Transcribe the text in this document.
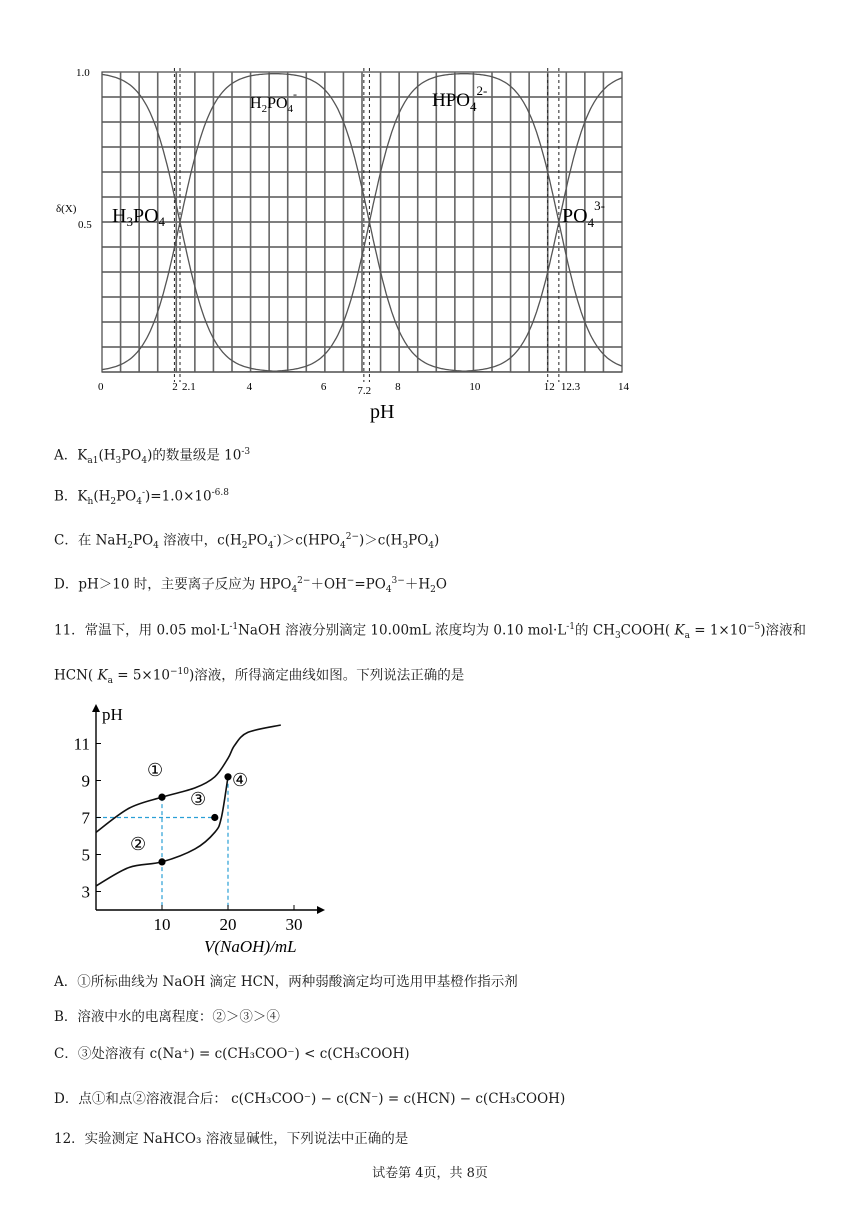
1.0
0.5
δ(X)
0	2 2.1	4	6	7.2 8	10	12 12.3	14
pH
$H_3PO_4$
$H_2PO_4^-$	$HPO_4^{2-}$
$PO_4^{3-}$
A．$K_{a1}(H_3PO_4)$的数量级是 $10^{-3}$
B．$K_h(H_2PO_4^-)=1.0\times 10^{-6.8}$
C．在 $NaH_2PO_4$ 溶液中，$c(H_2PO_4^-)>c(HPO_4^{2-})>c(H_3PO_4)$
D．pH＞10 时，主要离子反应为 $HPO_4^{2-}+OH^-=PO_4^{3-}+H_2O$
11．常温下，用 0.05 $mol\cdot L^{-1}NaOH$ 溶液分别滴定 10.00mL 浓度均为 0.10 $mol\cdot L^{-1}$的 $CH_3COOH$( $K_a = 1\times 10^{-5}$)溶液和
HCN( $K_a = 5\times 10^{-10}$)溶液，所得滴定曲线如图。下列说法正确的是
11
9
7
5
3
10	20	30
pH
V(NaOH)/mL
①
②
③
④
A．①所标曲线为 NaOH 滴定 HCN，两种弱酸滴定均可选用甲基橙作指示剂
B．溶液中水的电离程度：②＞③＞④
C．③处溶液有 c(Na⁺) = c(CH₃COO⁻) < c(CH₃COOH)
D．点①和点②溶液混合后： c(CH₃COO⁻) − c(CN⁻) = c(HCN) − c(CH₃COOH)
12．实验测定 NaHCO₃ 溶液显碱性，下列说法中正确的是
试卷第 4页，共 8页
